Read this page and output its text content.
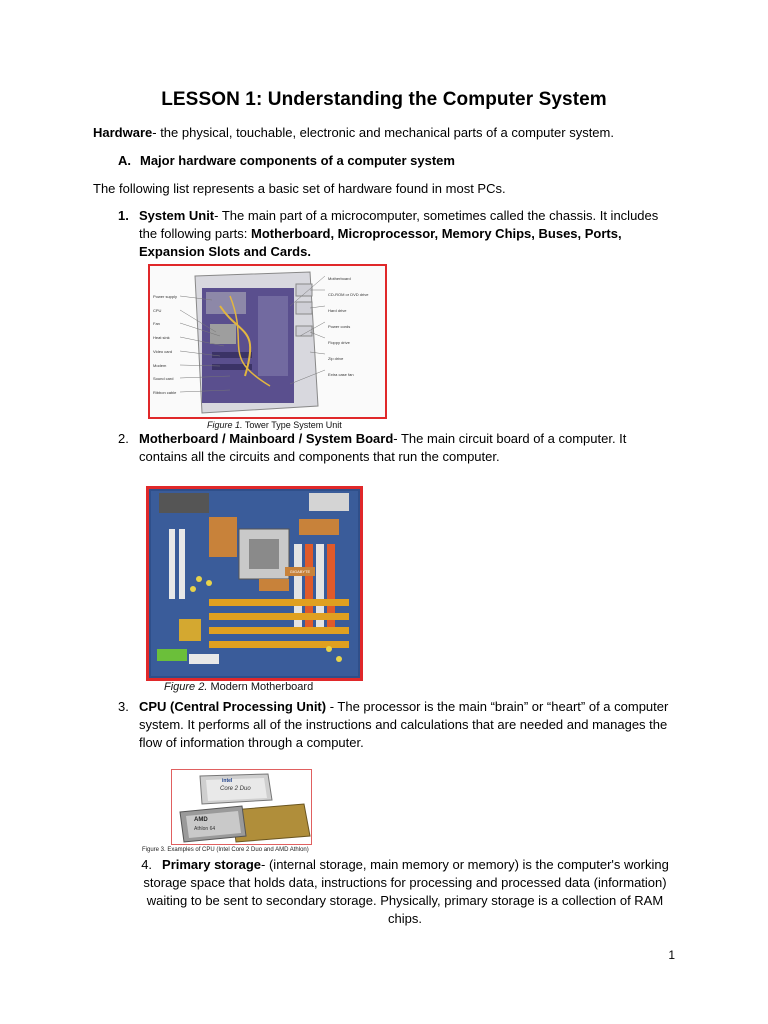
LESSON 1: Understanding the Computer System
Hardware- the physical, touchable, electronic and mechanical parts of a computer system.
A. Major hardware components of a computer system
The following list represents a basic set of hardware found in most PCs.
1. System Unit- The main part of a microcomputer, sometimes called the chassis. It includes the following parts: Motherboard, Microprocessor, Memory Chips, Buses, Ports, Expansion Slots and Cards.
Power supply
CPU
Fan
Heat sink
Video card
Modem
Sound card
Ribbon cable
Motherboard
CD-ROM or DVD drive
Hard drive
Power cords
Floppy drive
Zip drive
Extra case fan
Figure 1. Tower Type System Unit
2. Motherboard / Mainboard / System Board- The main circuit board of a computer. It contains all the circuits and components that run the computer.
GIGABYTE
Figure 2. Modern Motherboard
3. CPU (Central Processing Unit) - The processor is the main “brain” or “heart” of a computer system. It performs all of the instructions and calculations that are needed and manages the flow of information through a computer.
intel
Core 2 Duo
AMD
Athlon 64
Figure 3. Examples of CPU (Intel Core 2 Duo and AMD Athlon)
4. Primary storage- (internal storage, main memory or memory) is the computer's working storage space that holds data, instructions for processing and processed data (information) waiting to be sent to secondary storage. Physically, primary storage is a collection of RAM chips.
1
